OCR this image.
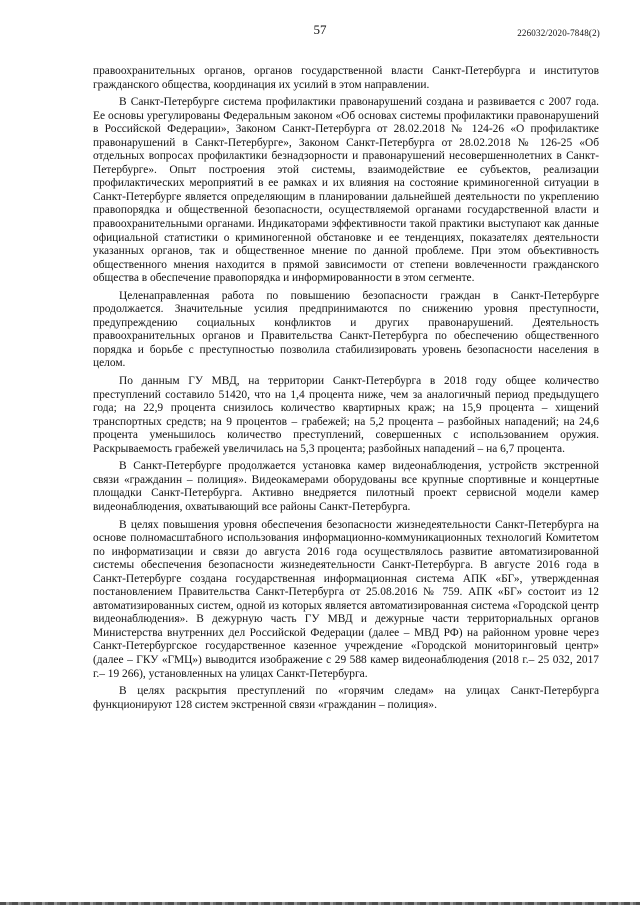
57	226032/2020-7848(2)

правоохранительных органов, органов государственной власти Санкт-Петербурга и институтов гражданского общества, координация их усилий в этом направлении.

В Санкт-Петербурге система профилактики правонарушений создана и развивается с 2007 года. Ее основы урегулированы Федеральным законом «Об основах системы профилактики правонарушений в Российской Федерации», Законом Санкт-Петербурга от 28.02.2018 № 124-26 «О профилактике правонарушений в Санкт-Петербурге», Законом Санкт-Петербурга от 28.02.2018 № 126-25 «Об отдельных вопросах профилактики безнадзорности и правонарушений несовершеннолетних в Санкт-Петербурге». Опыт построения этой системы, взаимодействие ее субъектов, реализации профилактических мероприятий в ее рамках и их влияния на состояние криминогенной ситуации в Санкт-Петербурге является определяющим в планировании дальнейшей деятельности по укреплению правопорядка и общественной безопасности, осуществляемой органами государственной власти и правоохранительными органами. Индикаторами эффективности такой практики выступают как данные официальной статистики о криминогенной обстановке и ее тенденциях, показателях деятельности указанных органов, так и общественное мнение по данной проблеме. При этом объективность общественного мнения находится в прямой зависимости от степени вовлеченности гражданского общества в обеспечение правопорядка и информированности в этом сегменте.

Целенаправленная работа по повышению безопасности граждан в Санкт-Петербурге продолжается. Значительные усилия предпринимаются по снижению уровня преступности, предупреждению социальных конфликтов и других правонарушений. Деятельность правоохранительных органов и Правительства Санкт-Петербурга по обеспечению общественного порядка и борьбе с преступностью позволила стабилизировать уровень безопасности населения в целом.

По данным ГУ МВД, на территории Санкт-Петербурга в 2018 году общее количество преступлений составило 51420, что на 1,4 процента ниже, чем за аналогичный период предыдущего года; на 22,9 процента снизилось количество квартирных краж; на 15,9 процента – хищений транспортных средств; на 9 процентов – грабежей; на 5,2 процента – разбойных нападений; на 24,6 процента уменьшилось количество преступлений, совершенных с использованием оружия. Раскрываемость грабежей увеличилась на 5,3 процента; разбойных нападений – на 6,7 процента.

В Санкт-Петербурге продолжается установка камер видеонаблюдения, устройств экстренной связи «гражданин – полиция». Видеокамерами оборудованы все крупные спортивные и концертные площадки Санкт-Петербурга. Активно внедряется пилотный проект сервисной модели камер видеонаблюдения, охватывающий все районы Санкт-Петербурга.

В целях повышения уровня обеспечения безопасности жизнедеятельности Санкт-Петербурга на основе полномасштабного использования информационно-коммуникационных технологий Комитетом по информатизации и связи до августа 2016 года осуществлялось развитие автоматизированной системы обеспечения безопасности жизнедеятельности Санкт-Петербурга. В августе 2016 года в Санкт-Петербурге создана государственная информационная система АПК «БГ», утвержденная постановлением Правительства Санкт-Петербурга от 25.08.2016 № 759. АПК «БГ» состоит из 12 автоматизированных систем, одной из которых является автоматизированная система «Городской центр видеонаблюдения». В дежурную часть ГУ МВД и дежурные части территориальных органов Министерства внутренних дел Российской Федерации (далее – МВД РФ) на районном уровне через Санкт-Петербургское государственное казенное учреждение «Городской мониторинговый центр» (далее – ГКУ «ГМЦ») выводится изображение с 29 588 камер видеонаблюдения (2018 г.– 25 032, 2017 г.– 19 266), установленных на улицах Санкт-Петербурга.

В целях раскрытия преступлений по «горячим следам» на улицах Санкт-Петербурга функционируют 128 систем экстренной связи «гражданин – полиция».
